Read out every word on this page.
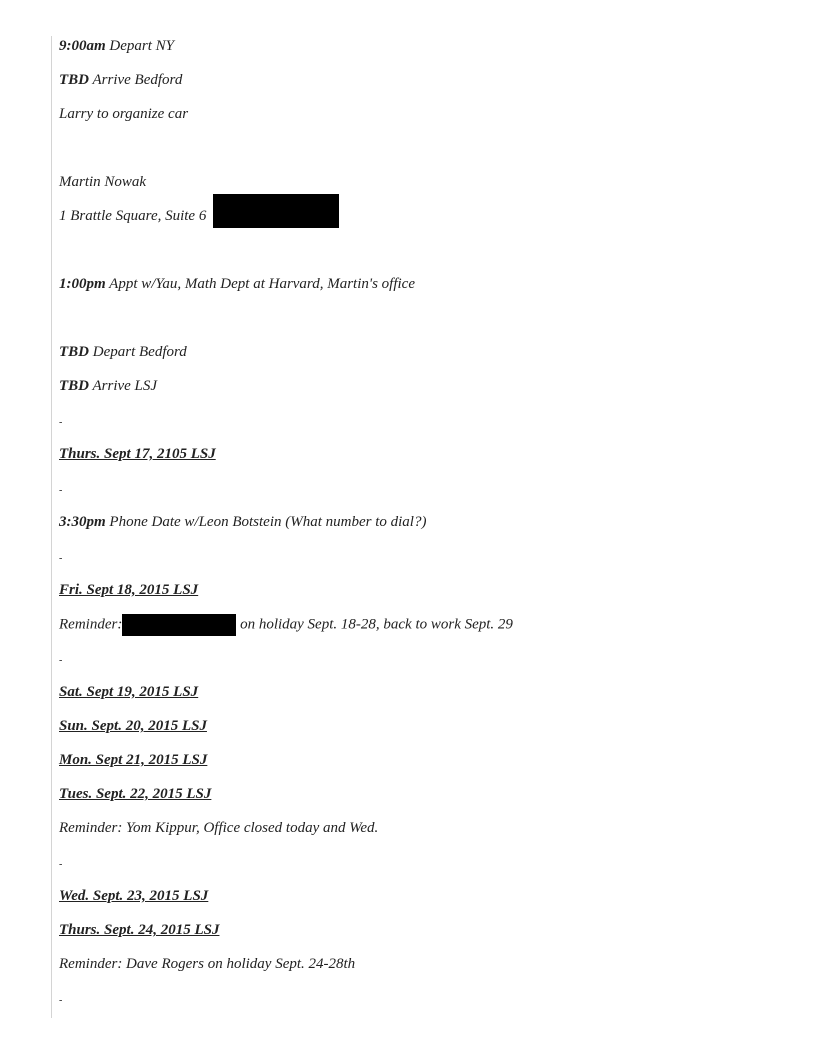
9:00am Depart NY
TBD Arrive Bedford
Larry to organize car
Martin Nowak
1 Brattle Square, Suite 6
1:00pm Appt w/Yau, Math Dept at Harvard, Martin's office
TBD Depart Bedford
TBD Arrive LSJ
-
Thurs. Sept 17, 2105 LSJ
-
3:30pm Phone Date w/Leon Botstein (What number to dial?)
-
Fri. Sept 18, 2015 LSJ
Reminder:	on holiday Sept. 18-28, back to work Sept. 29
-
Sat. Sept 19, 2015 LSJ
Sun. Sept. 20, 2015 LSJ
Mon. Sept 21, 2015 LSJ
Tues. Sept. 22, 2015 LSJ
Reminder: Yom Kippur, Office closed today and Wed.
-
Wed. Sept. 23, 2015 LSJ
Thurs. Sept. 24, 2015 LSJ
Reminder: Dave Rogers on holiday Sept. 24-28th
-
